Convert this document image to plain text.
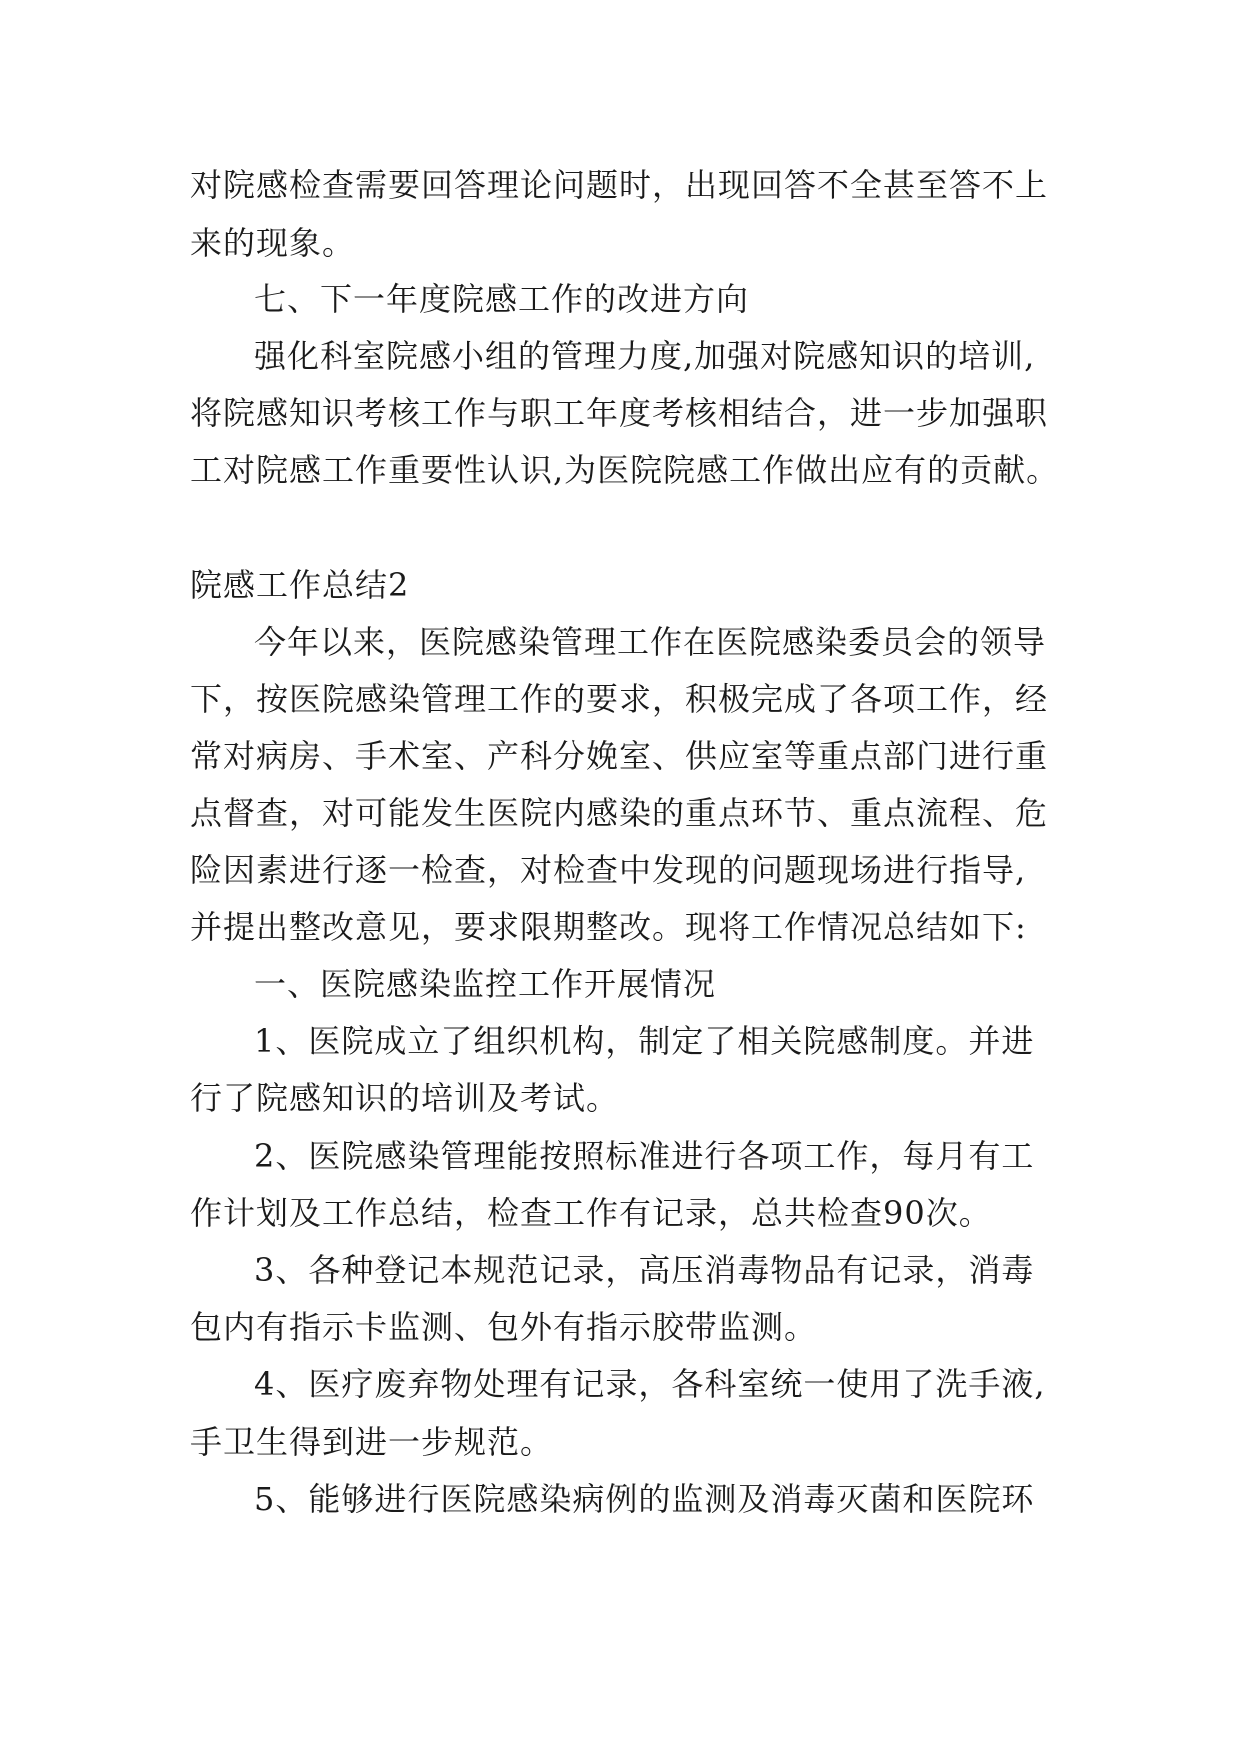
对院感检查需要回答理论问题时，出现回答不全甚至答不上
来的现象。
七、下一年度院感工作的改进方向
强化科室院感小组的管理力度,加强对院感知识的培训,
将院感知识考核工作与职工年度考核相结合，进一步加强职
工对院感工作重要性认识,为医院院感工作做出应有的贡献。
院感工作总结2
今年以来，医院感染管理工作在医院感染委员会的领导
下，按医院感染管理工作的要求，积极完成了各项工作，经
常对病房、手术室、产科分娩室、供应室等重点部门进行重
点督查，对可能发生医院内感染的重点环节、重点流程、危
险因素进行逐一检查，对检查中发现的问题现场进行指导,
并提出整改意见，要求限期整改。现将工作情况总结如下:
一、医院感染监控工作开展情况
1、医院成立了组织机构，制定了相关院感制度。并进
行了院感知识的培训及考试。
2、医院感染管理能按照标准进行各项工作，每月有工
作计划及工作总结，检查工作有记录，总共检查90次。
3、各种登记本规范记录，高压消毒物品有记录，消毒
包内有指示卡监测、包外有指示胶带监测。
4、医疗废弃物处理有记录，各科室统一使用了洗手液,
手卫生得到进一步规范。
5、能够进行医院感染病例的监测及消毒灭菌和医院环
